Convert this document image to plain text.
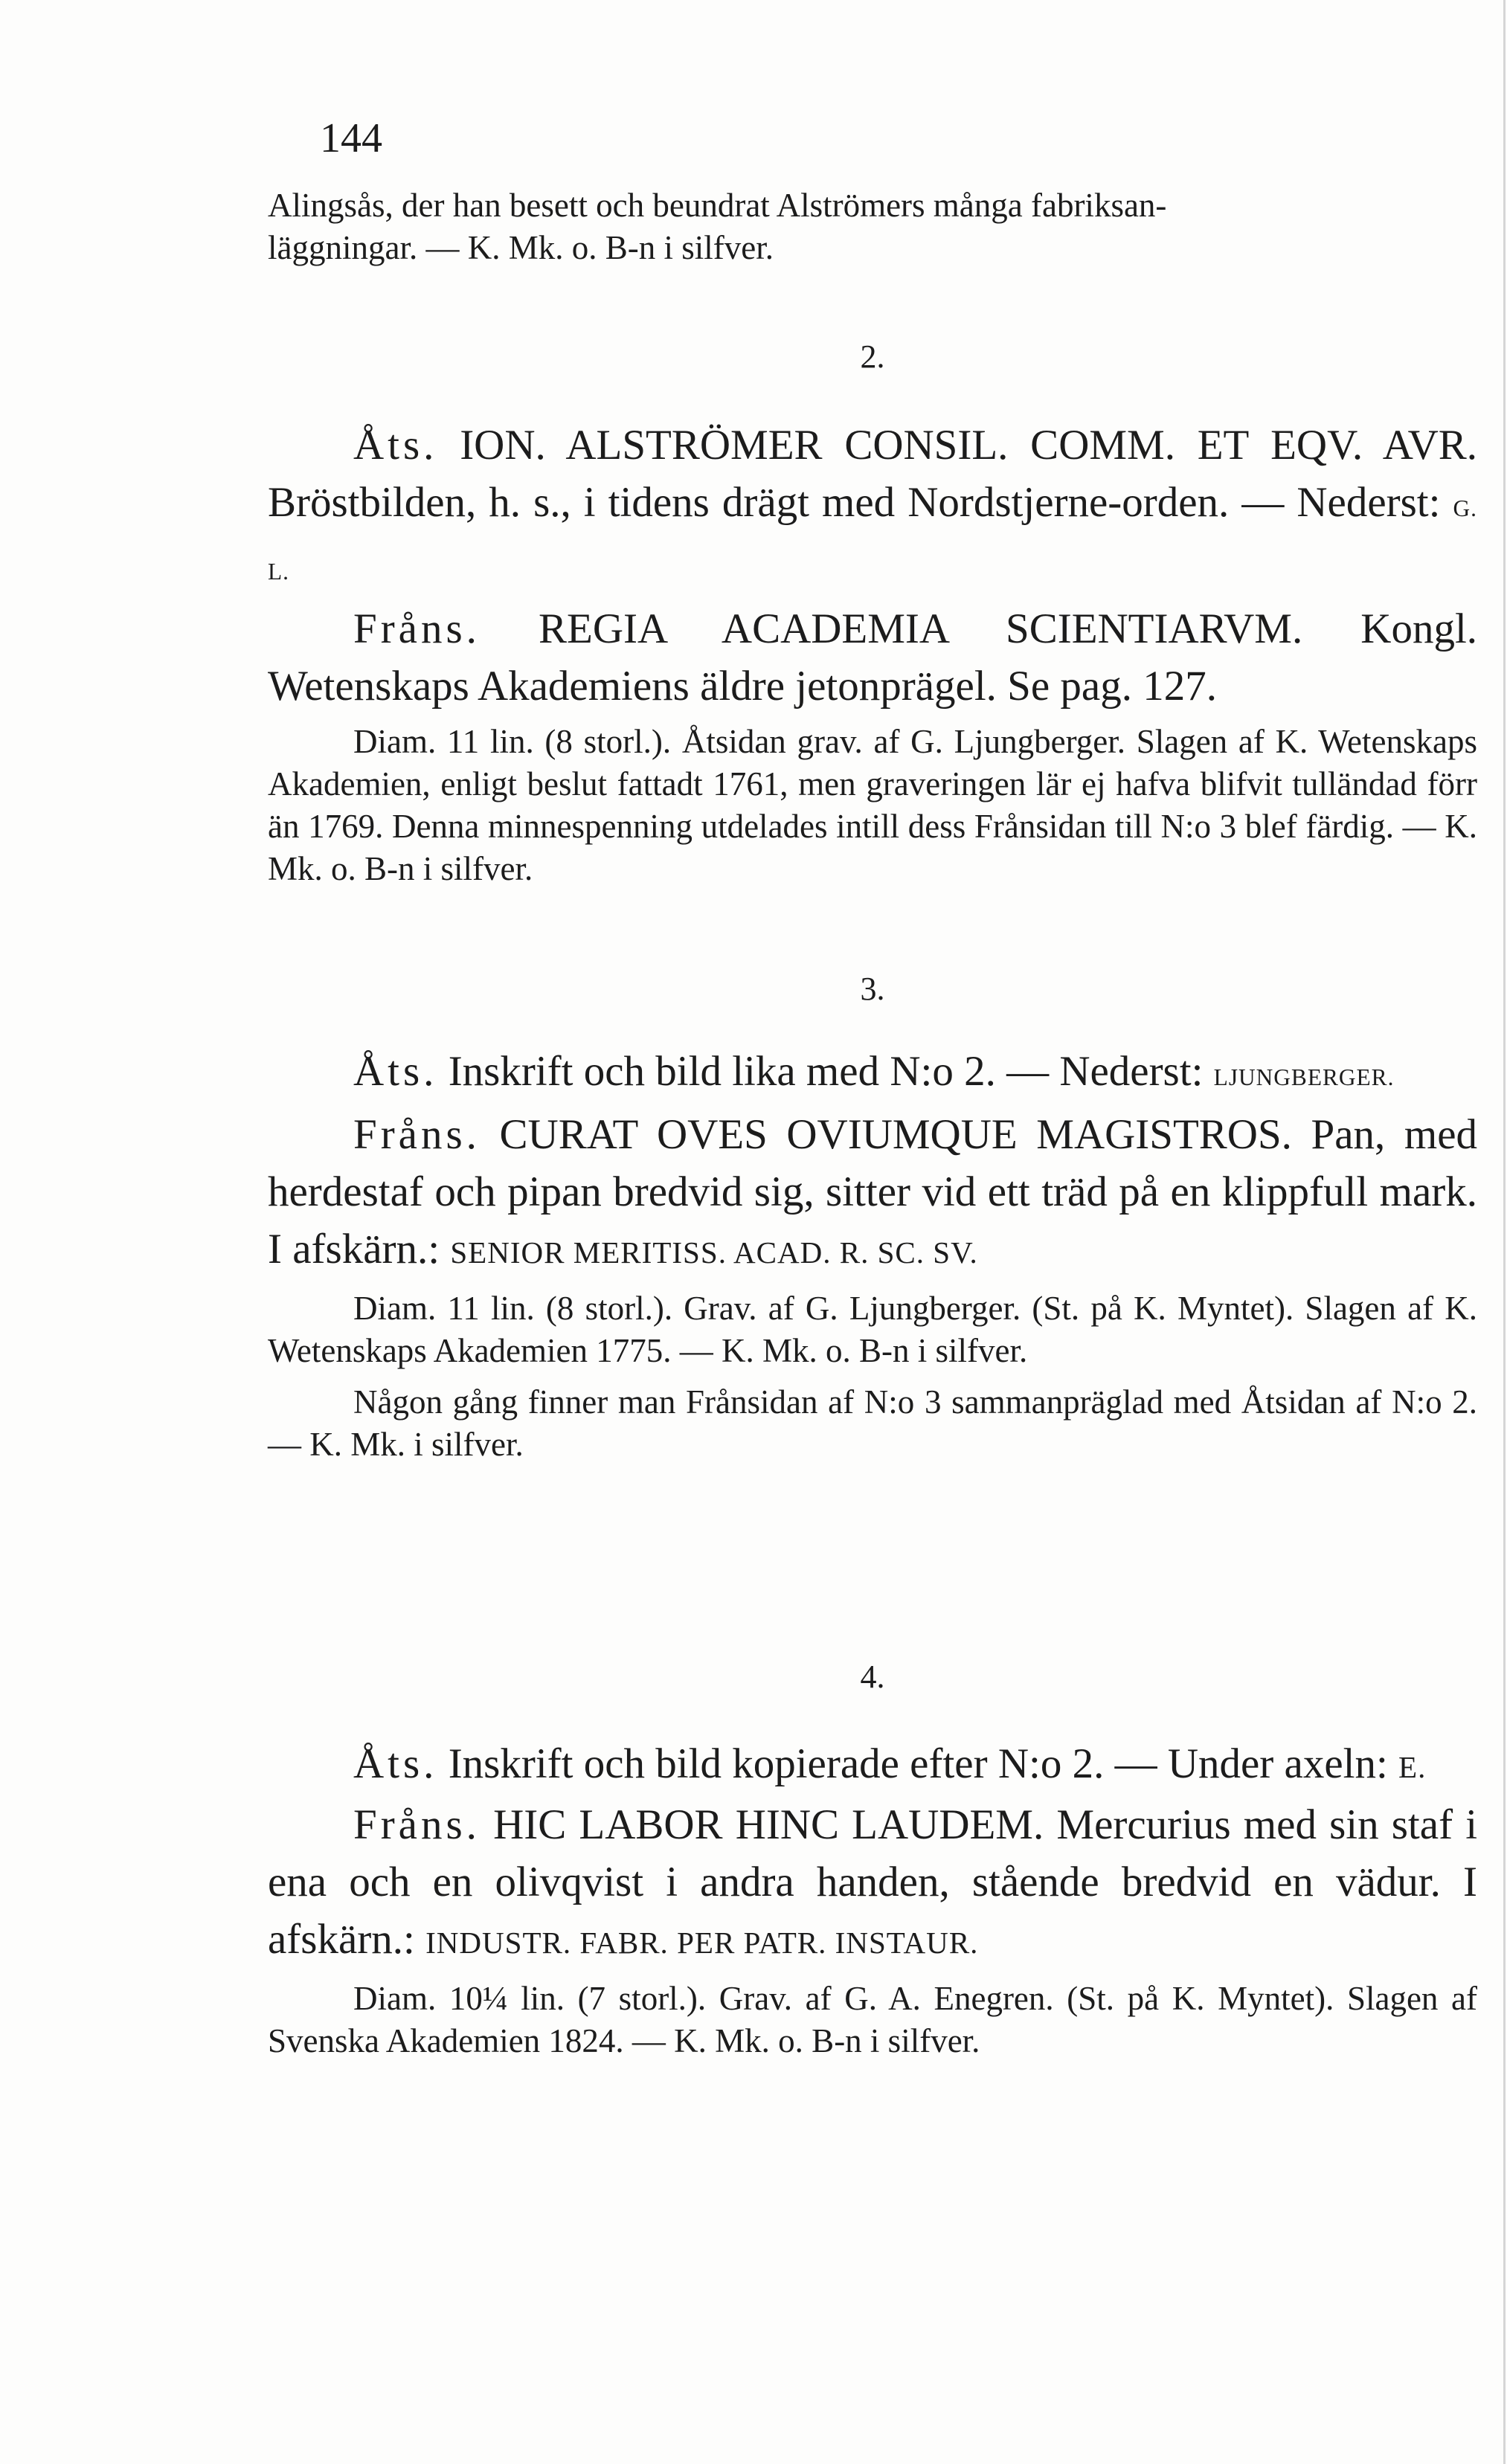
144

Alingsås, der han besett och beundrat Alströmers många fabriksan-

läggningar. — K. Mk. o. B-n i silfver.

2.

Åts. ION. ALSTRÖMER CONSIL. COMM. ET EQV. AVR. Bröstbilden, h. s., i tidens drägt med Nordstjerne-orden. — Nederst: G. L.

Fråns. REGIA ACADEMIA SCIENTIARVM. Kongl. Wetenskaps Akademiens äldre jetonprägel. Se pag. 127.

Diam. 11 lin. (8 storl.). Åtsidan grav. af G. Ljungberger. Slagen af K. Wetenskaps Akademien, enligt beslut fattadt 1761, men graveringen lär ej hafva blifvit tulländad förr än 1769. Denna minnespenning utdelades intill dess Frånsidan till N:o 3 blef färdig. — K. Mk. o. B-n i silfver.

3.

Åts. Inskrift och bild lika med N:o 2. — Nederst: LJUNGBERGER.

Fråns. CURAT OVES OVIUMQUE MAGISTROS. Pan, med herdestaf och pipan bredvid sig, sitter vid ett träd på en klippfull mark. I afskärn.: SENIOR MERITISS. ACAD. R. SC. SV.

Diam. 11 lin. (8 storl.). Grav. af G. Ljungberger. (St. på K. Myntet). Slagen af K. Wetenskaps Akademien 1775. — K. Mk. o. B-n i silfver.

Någon gång finner man Frånsidan af N:o 3 sammanpräglad med Åtsidan af N:o 2. — K. Mk. i silfver.

4.

Åts. Inskrift och bild kopierade efter N:o 2. — Under axeln: E.

Fråns. HIC LABOR HINC LAUDEM. Mercurius med sin staf i ena och en olivqvist i andra handen, stående bredvid en vädur. I afskärn.: INDUSTR. FABR. PER PATR. INSTAUR.

Diam. 10¼ lin. (7 storl.). Grav. af G. A. Enegren. (St. på K. Myntet). Slagen af Svenska Akademien 1824. — K. Mk. o. B-n i silfver.
